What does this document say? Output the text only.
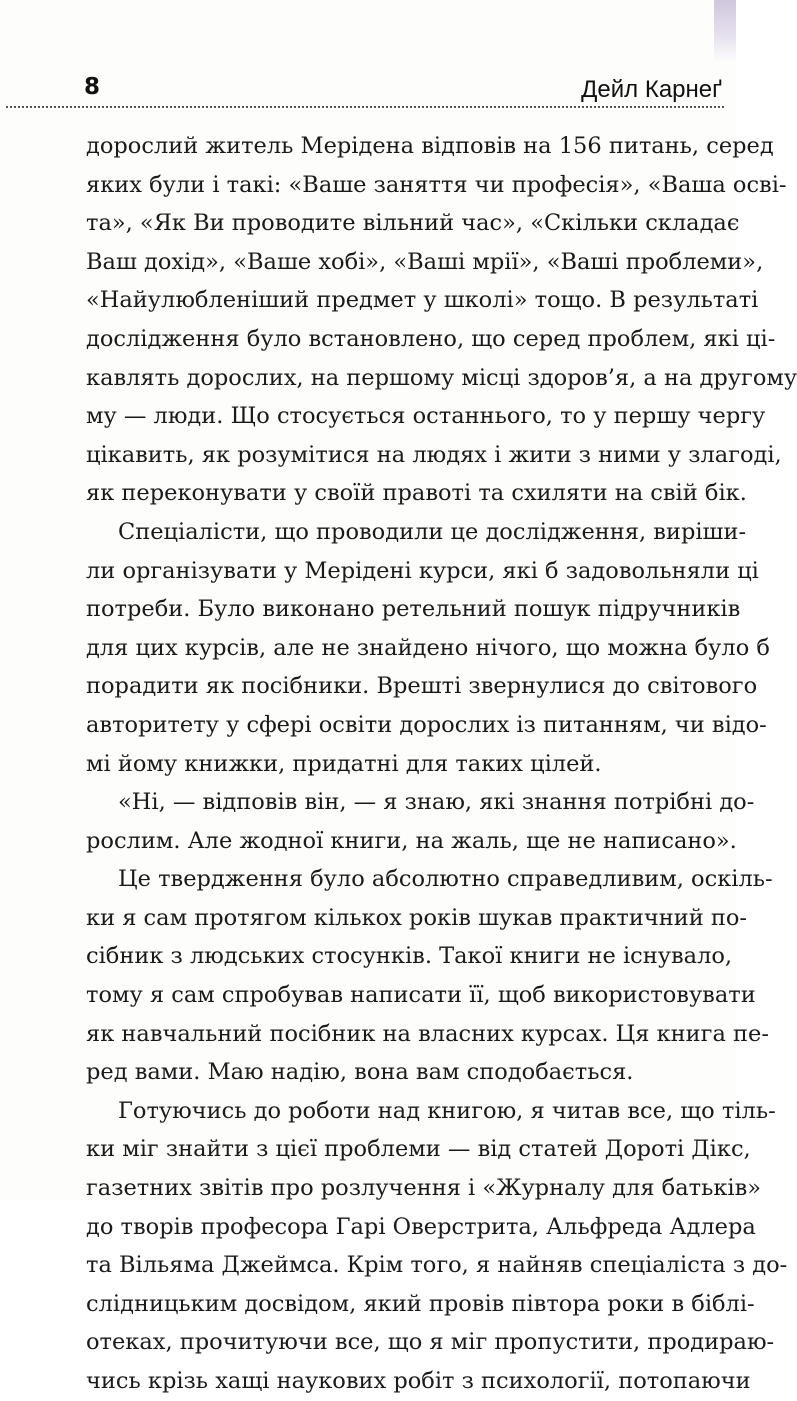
8	Дейл Карнеґ
дорослий житель Мерідена відповів на 156 питань, серед
яких були і такі: «Ваше заняття чи професія», «Ваша осві-
та», «Як Ви проводите вільний час», «Скільки складає
Ваш дохід», «Ваше хобі», «Ваші мрії», «Ваші проблеми»,
«Найулюбленіший предмет у школі» тощо. В результаті
дослідження було встановлено, що серед проблем, які ці-
кавлять дорослих, на першому місці здоров’я, а на другому
му — люди. Що стосується останнього, то у першу чергу
цікавить, як розумітися на людях і жити з ними у злагоді,
як переконувати у своїй правоті та схиляти на свій бік.
Спеціалісти, що проводили це дослідження, виріши-
ли організувати у Мерідені курси, які б задовольняли ці
потреби. Було виконано ретельний пошук підручників
для цих курсів, але не знайдено нічого, що можна було б
порадити як посібники. Врешті звернулися до світового
авторитету у сфері освіти дорослих із питанням, чи відо-
мі йому книжки, придатні для таких цілей.
«Ні, — відповів він, — я знаю, які знання потрібні до-
рослим. Але жодної книги, на жаль, ще не написано».
Це твердження було абсолютно справедливим, оскіль-
ки я сам протягом кількох років шукав практичний по-
сібник з людських стосунків. Такої книги не існувало,
тому я сам спробував написати її, щоб використовувати
як навчальний посібник на власних курсах. Ця книга пе-
ред вами. Маю надію, вона вам сподобається.
Готуючись до роботи над книгою, я читав все, що тіль-
ки міг знайти з цієї проблеми — від статей Дороті Дікс,
газетних звітів про розлучення і «Журналу для батьків»
до творів професора Гарі Оверстрита, Альфреда Адлера
та Вільяма Джеймса. Крім того, я найняв спеціаліста з до-
слідницьким досвідом, який провів півтора роки в біблі-
отеках, прочитуючи все, що я міг пропустити, продираю-
чись крізь хащі наукових робіт з психології, потопаючи
